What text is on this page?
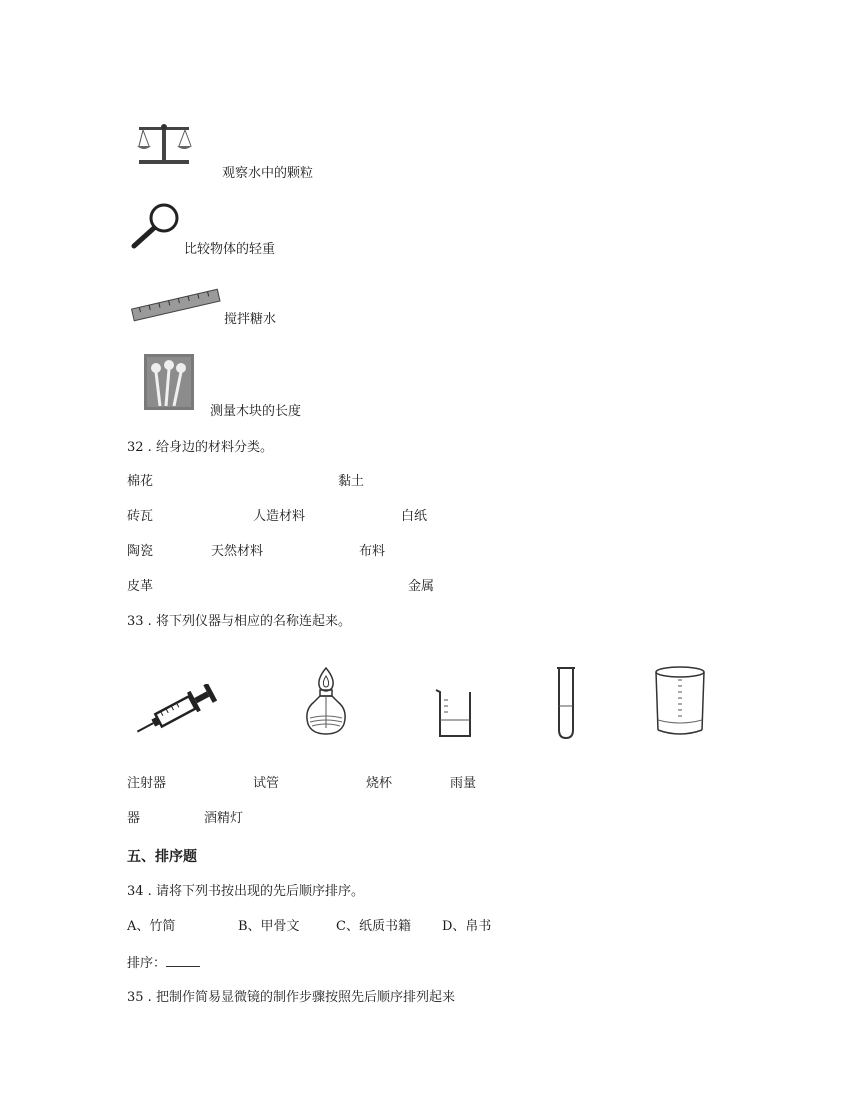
观察水中的颗粒
比较物体的轻重
搅拌糖水
测量木块的长度
32 . 给身边的材料分类。
棉花	黏土
砖瓦	人造材料	白纸
陶瓷	天然材料	布料
皮革	金属
33 . 将下列仪器与相应的名称连起来。
注射器	试管	烧杯	雨量
器	酒精灯
五、排序题
34 . 请将下列书按出现的先后顺序排序。
A、竹简	B、甲骨文	C、纸质书籍 D、帛书
排序：
35 . 把制作简易显微镜的制作步骤按照先后顺序排列起来
